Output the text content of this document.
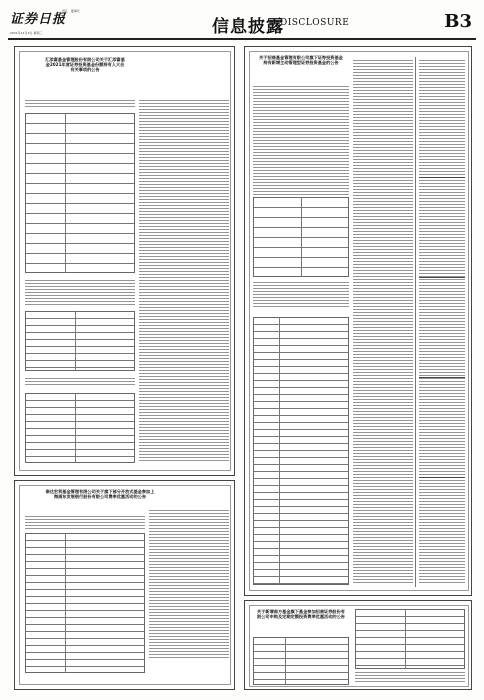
证券日报
责任 · 董事长
2021年11月3日 星期三	信息披露
DISCLOSURE	B3
汇添富基金管理股份有限公司关于汇添富基金2021年度证券投资基金份额持有人大会有关事项的公告
泰达宏利基金管理有限公司关于旗下部分开放式基金参加上海浦东发展银行股份有限公司费率优惠活动的公告
关于招商基金管理有限公司旗下证券投资基金持有新增主动管理型证券投资基金的公告
关于新增南方基金旗下基金参加招商证券股份有限公司申购及定期定额投资费率优惠活动的公告
